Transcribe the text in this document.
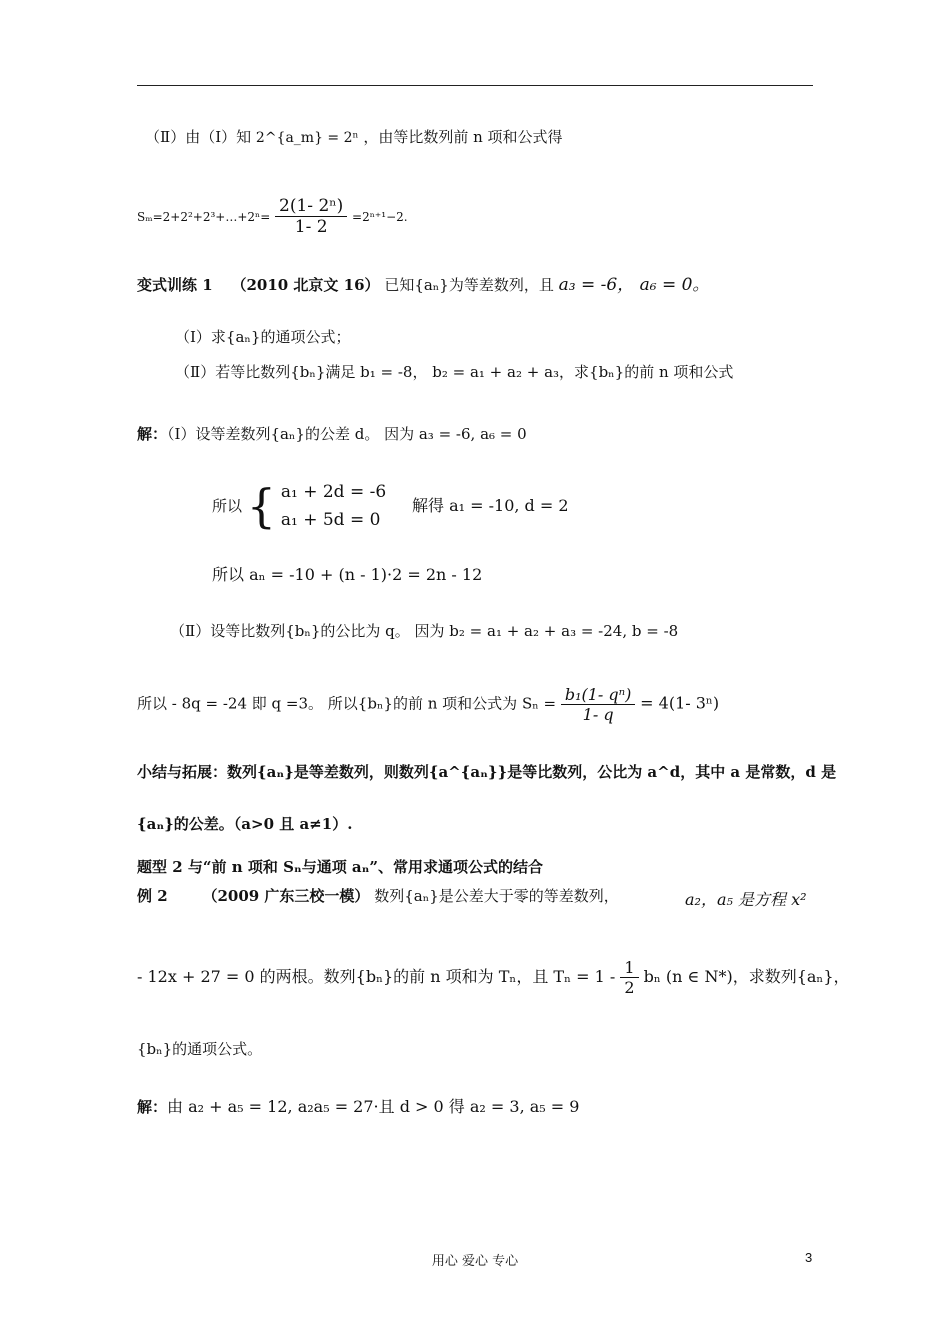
（Ⅱ）由（Ⅰ）知 2^{a_m} = 2ⁿ ，由等比数列前 n 项和公式得
Sₘ=2+2²+2³+…+2ⁿ= $\frac{\text{2(1- 2ⁿ)}}{1- 2} =2^{n+1}-2$.
变式训练 1 （2010 北京文 16） 已知{aₙ}为等差数列，且 a₃ = -6， a₆ = 0。
（Ⅰ）求{aₙ}的通项公式；
（Ⅱ）若等比数列{bₙ}满足 b₁ = -8， b₂ = a₁ + a₂ + a₃，求{bₙ}的前 n 项和公式
解：（Ⅰ）设等差数列{aₙ}的公差 d。 因为 a₃ = -6, a₆ = 0
所以 { a₁ + 2d = -6
a₁ + 5d = 0
解得 a₁ = -10, d = 2
所以 aₙ = -10 + (n - 1)·2 = 2n - 12
（Ⅱ）设等比数列{bₙ}的公比为 q。 因为 b₂ = a₁ + a₂ + a₃ = -24, b = -8
所以 - 8q = -24 即 q =3。 所以{bₙ}的前 n 项和公式为 $S_n = \frac{\text{b₁(1- qⁿ)}}{1- q} = 4(1-$ 3ⁿ)
小结与拓展：数列{aₙ}是等差数列，则数列{a^{aₙ}}是等比数列，公比为 a^d，其中 a 是常数，d 是
{aₙ}的公差。（a>0 且 a≠1）.
题型 2 与“前 n 项和 Sₙ与通项 aₙ”、常用求通项公式的结合
例 2 （2009 广东三校一模） 数列{aₙ}是公差大于零的等差数列，	a₂，a₅ 是方程 x²
- 12x + 27 = 0 的两根。数列{bₙ}的前 n 项和为 Tₙ，且 $T_n = 1 - \frac{1}{2}$ bₙ (n ∈ N*)，求数列{aₙ}，
{bₙ}的通项公式。
解：由 a₂ + a₅ = 12, a₂a₅ = 27·且 d > 0 得 a₂ = 3, a₅ = 9
用心 爱心 专心	3
